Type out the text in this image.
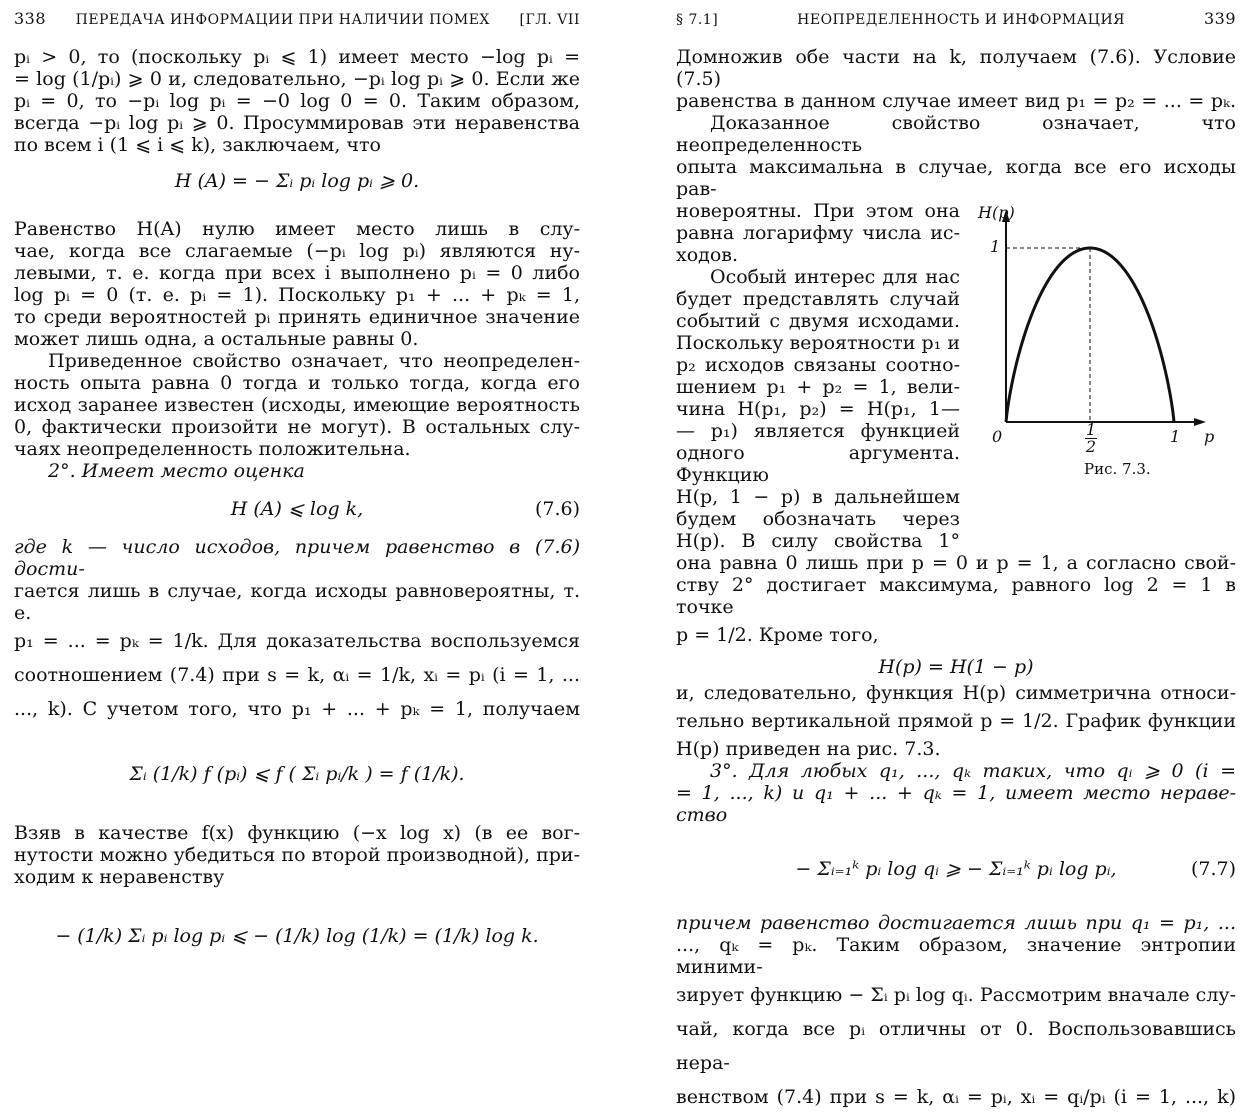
338 ПЕРЕДАЧА ИНФОРМАЦИИ ПРИ НАЛИЧИИ ПОМЕХ [ГЛ. VII
pᵢ > 0, то (поскольку pᵢ ⩽ 1) имеет место −log pᵢ =
= log (1/pᵢ) ⩾ 0 и, следовательно, −pᵢ log pᵢ ⩾ 0. Если же
pᵢ = 0, то −pᵢ log pᵢ = −0 log 0 = 0. Таким образом,
всегда −pᵢ log pᵢ ⩾ 0. Просуммировав эти неравенства
по всем i (1 ⩽ i ⩽ k), заключаем, что
H (A) = − Σᵢ pᵢ log pᵢ ⩾ 0.
Равенство H(A) нулю имеет место лишь в слу-
чае, когда все слагаемые (−pᵢ log pᵢ) являются ну-
левыми, т. е. когда при всех i выполнено pᵢ = 0 либо
log pᵢ = 0 (т. е. pᵢ = 1). Поскольку p₁ + ... + pₖ = 1,
то среди вероятностей pᵢ принять единичное значение
может лишь одна, а остальные равны 0.
Приведенное свойство означает, что неопределен-
ность опыта равна 0 тогда и только тогда, когда его
исход заранее известен (исходы, имеющие вероятность
0, фактически произойти не могут). В остальных слу-
чаях неопределенность положительна.
2°. Имеет место оценка
H (A) ⩽ log k,	(7.6)
где k — число исходов, причем равенство в (7.6) дости-
гается лишь в случае, когда исходы равновероятны, т. е.
p₁ = ... = pₖ = 1/k. Для доказательства воспользуемся
соотношением (7.4) при s = k, αᵢ = 1/k, xᵢ = pᵢ (i = 1, ...
..., k). С учетом того, что p₁ + ... + pₖ = 1, получаем
Σᵢ (1/k) f (pᵢ) ⩽ f ( Σᵢ pᵢ/k ) = f (1/k).
Взяв в качестве f(x) функцию (−x log x) (в ее вог-
нутости можно убедиться по второй производной), при-
ходим к неравенству
− (1/k) Σᵢ pᵢ log pᵢ ⩽ − (1/k) log (1/k) = (1/k) log k.
§ 7.1]	НЕОПРЕДЕЛЕННОСТЬ И ИНФОРМАЦИЯ	339
Домножив обе части на k, получаем (7.6). Условие (7.5)
равенства в данном случае имеет вид p₁ = p₂ = ... = pₖ.
Доказанное свойство означает, что неопределенность
опыта максимальна в случае, когда все его исходы рав-
новероятны. При этом она
равна логарифму числа ис-
ходов.
Особый интерес для нас
будет представлять случай
событий с двумя исходами.
Поскольку вероятности p₁ и
p₂ исходов связаны соотно-
шением p₁ + p₂ = 1, вели-
чина H(p₁, p₂) = H(p₁, 1—
— p₁) является функцией
одного аргумента. Функцию
H(p, 1 − p) в дальнейшем
будем обозначать через
H(p). В силу свойства 1°
H(p)
1
0	$\frac{1}{2}$	1 p
Рис. 7.3.
она равна 0 лишь при p = 0 и p = 1, а согласно свой-
ству 2° достигает максимума, равного log 2 = 1 в точке
p = 1/2. Кроме того,
H(p) = H(1 − p)
и, следовательно, функция H(p) симметрична относи-
тельно вертикальной прямой p = 1/2. График функции
H(p) приведен на рис. 7.3.
3°. Для любых q₁, ..., qₖ таких, что qᵢ ⩾ 0 (i =
= 1, ..., k) и q₁ + ... + qₖ = 1, имеет место нераве-
ство
− Σᵢ₌₁ᵏ pᵢ log qᵢ ⩾ − Σᵢ₌₁ᵏ pᵢ log pᵢ,	(7.7)
причем равенство достигается лишь при q₁ = p₁, ...
..., qₖ = pₖ. Таким образом, значение энтропии миними-
зирует функцию − Σᵢ pᵢ log qᵢ. Рассмотрим вначале слу-
чай, когда все pᵢ отличны от 0. Воспользовавшись нера-
венством (7.4) при s = k, αᵢ = pᵢ, xᵢ = qᵢ/pᵢ (i = 1, ..., k)
